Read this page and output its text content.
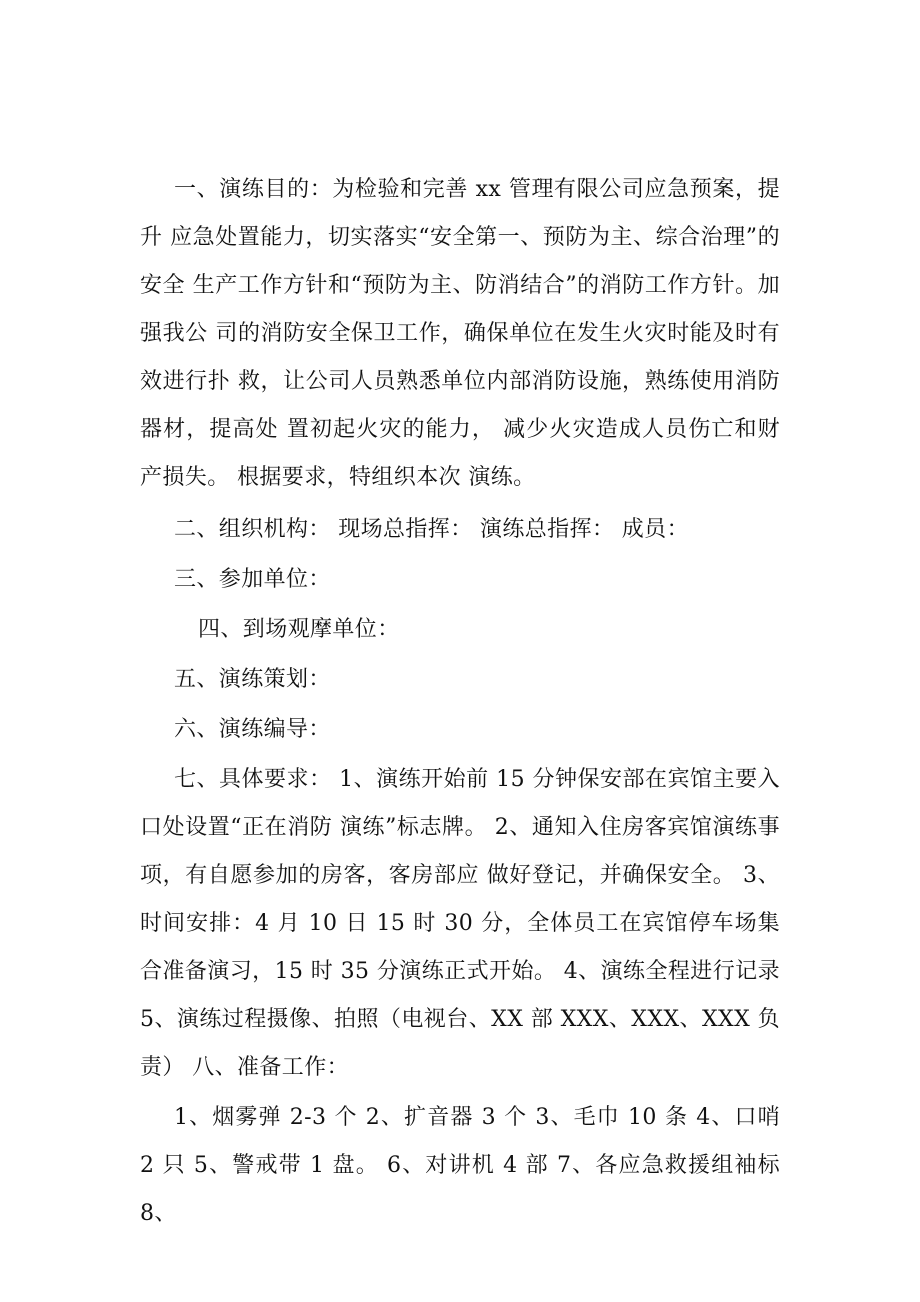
一、演练目的：为检验和完善 xx 管理有限公司应急预案，提升 应急处置能力，切实落实“安全第一、预防为主、综合治理”的安全 生产工作方针和“预防为主、防消结合”的消防工作方针。加强我公 司的消防安全保卫工作，确保单位在发生火灾时能及时有效进行扑 救，让公司人员熟悉单位内部消防设施，熟练使用消防器材，提高处 置初起火灾的能力， 减少火灾造成人员伤亡和财产损失。 根据要求，特组织本次 演练。

二、组织机构： 现场总指挥： 演练总指挥： 成员：

三、参加单位：

四、到场观摩单位：

五、演练策划：

六、演练编导：

七、具体要求： 1、演练开始前 15 分钟保安部在宾馆主要入口处设置“正在消防 演练”标志牌。 2、通知入住房客宾馆演练事项，有自愿参加的房客，客房部应 做好登记，并确保安全。 3、时间安排：4 月 10 日 15 时 30 分，全体员工在宾馆停车场集 合准备演习，15 时 35 分演练正式开始。 4、演练全程进行记录 5、演练过程摄像、拍照（电视台、XX 部 XXX、XXX、XXX 负责） 八、准备工作：

1、烟雾弹 2-3 个 2、扩音器 3 个 3、毛巾 10 条 4、口哨 2 只 5、警戒带 1 盘。 6、对讲机 4 部 7、各应急救援组袖标 8、
